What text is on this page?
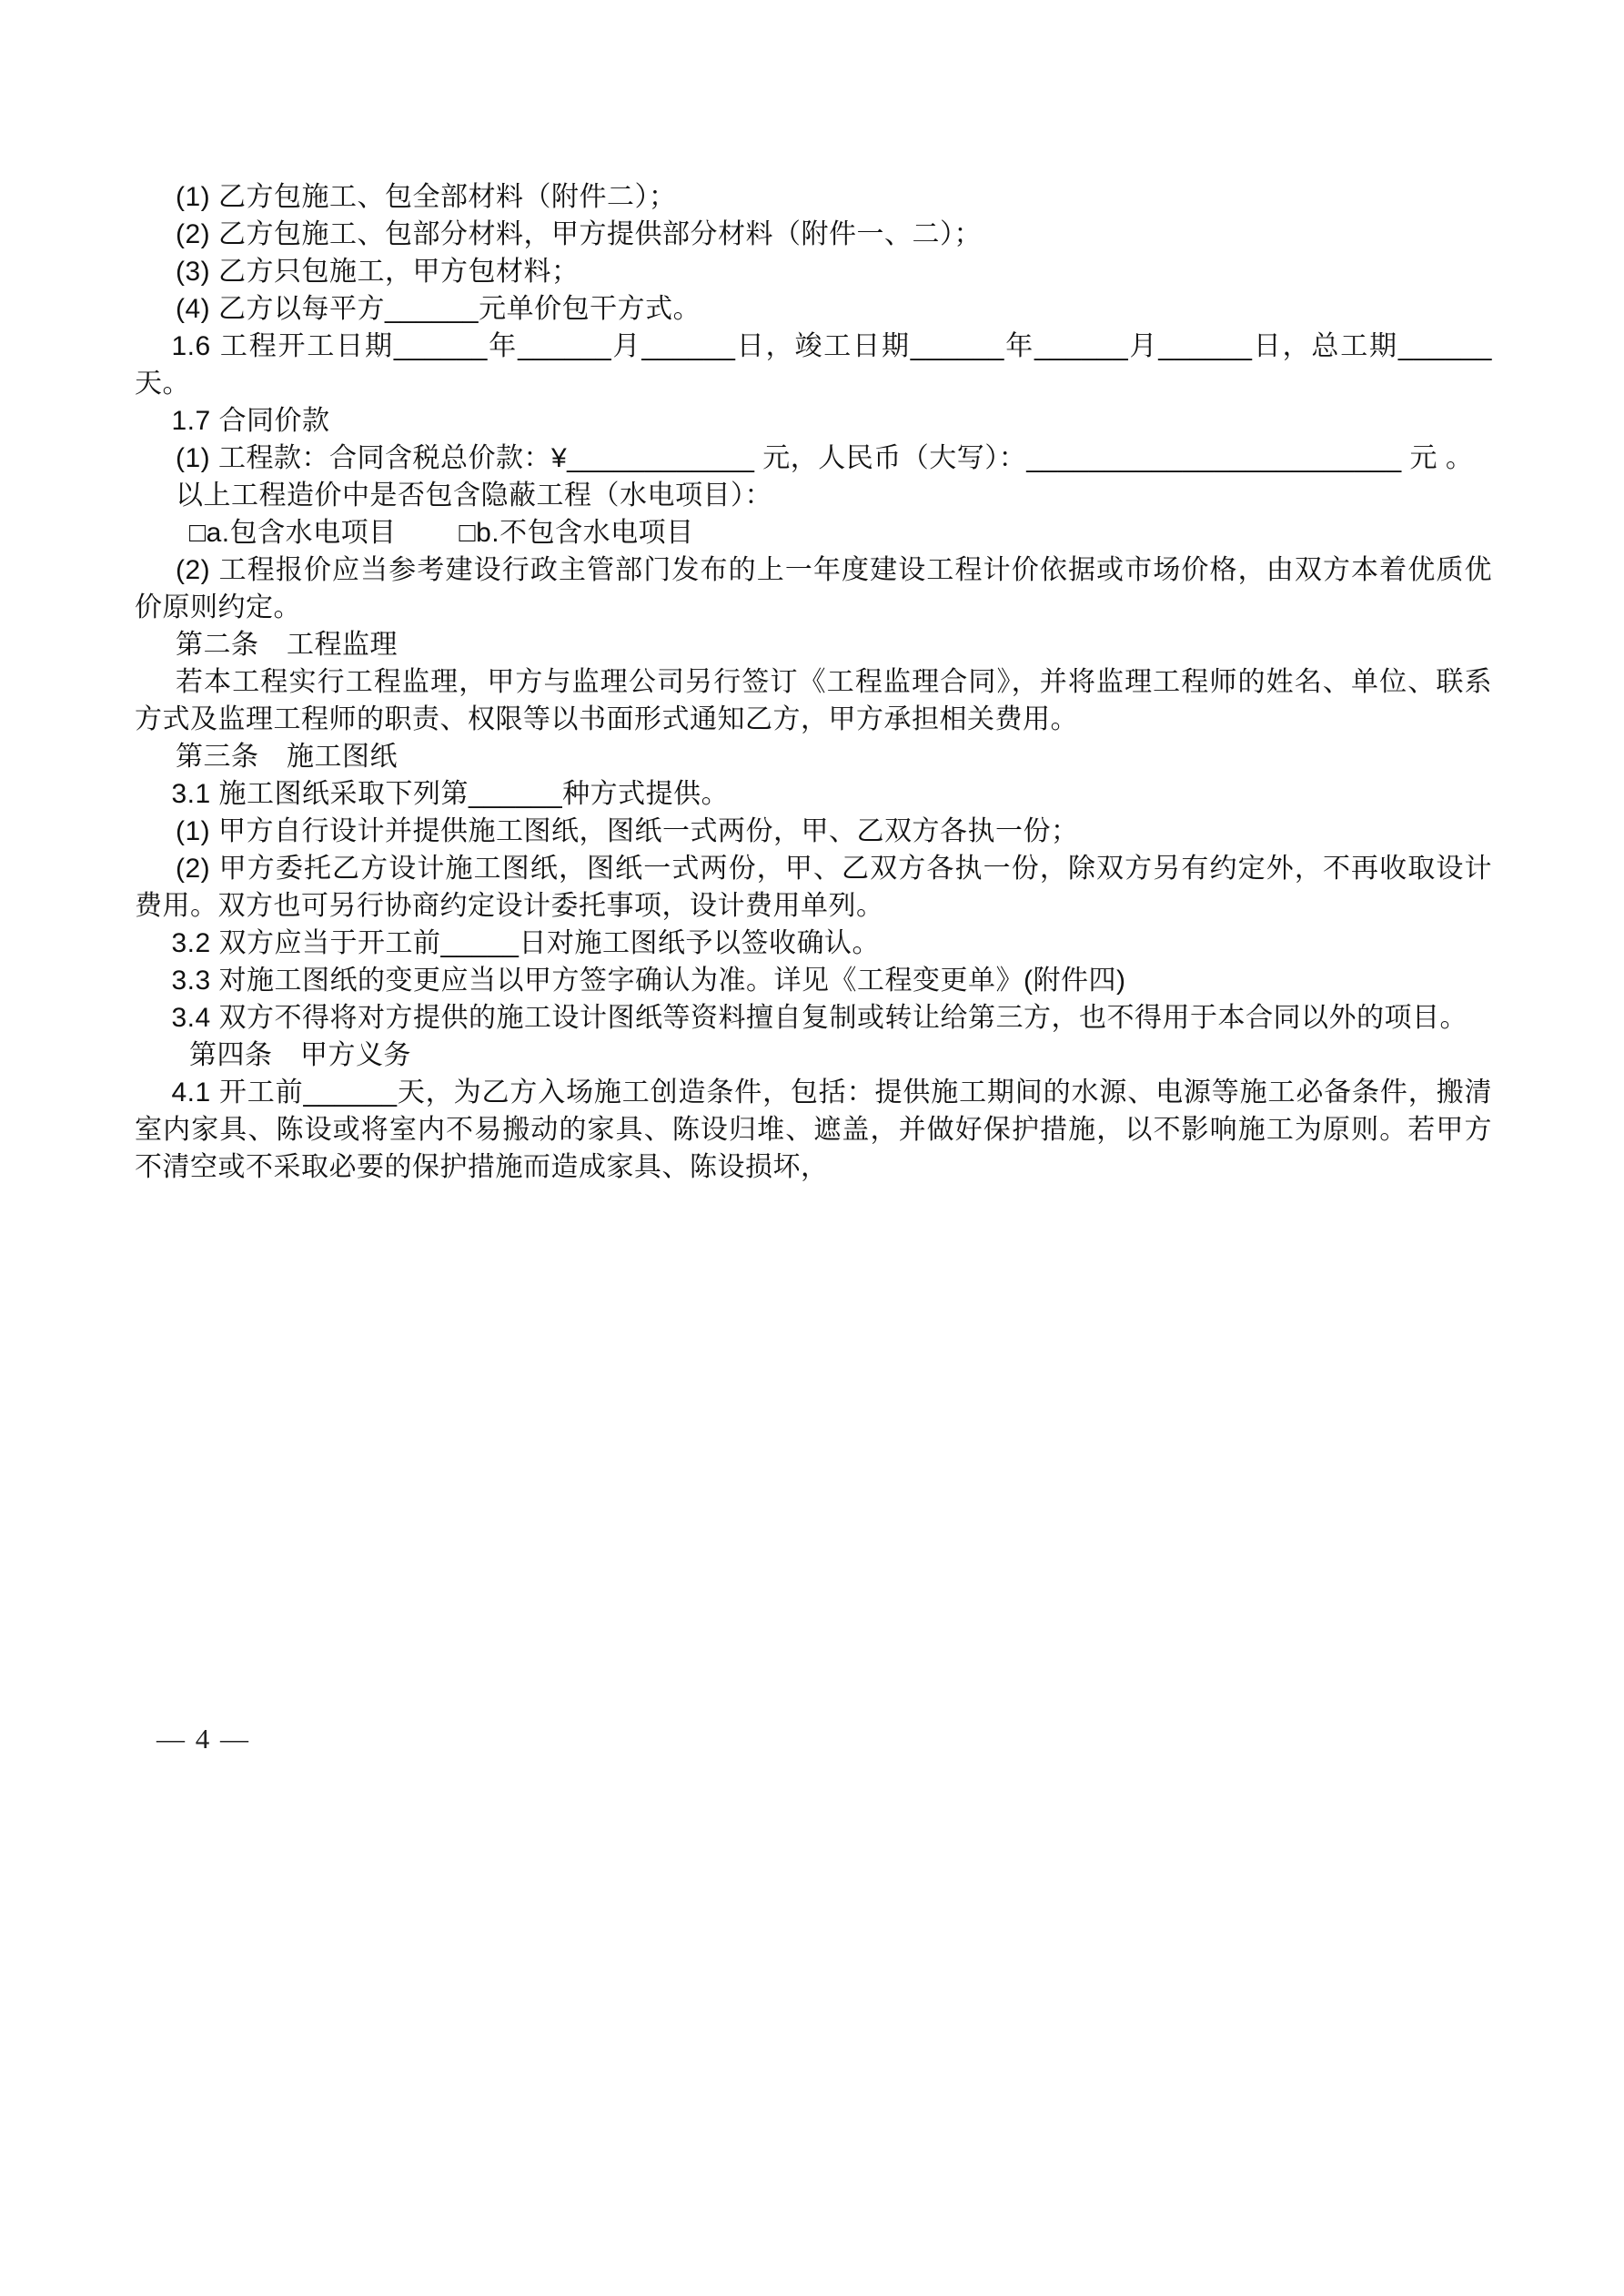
(1) 乙方包施工、包全部材料（附件二）；

(2) 乙方包施工、包部分材料，甲方提供部分材料（附件一、二）；

(3) 乙方只包施工，甲方包材料；

(4) 乙方以每平方______元单价包干方式。

1.6 工程开工日期______年______月______日，竣工日期______年______月______日，总工期______天。

1.7 合同价款

(1) 工程款：合同含税总价款：¥____________ 元，人民币（大写）：________________________ 元 。

以上工程造价中是否包含隐蔽工程（水电项目）：

□a.包含水电项目 □b.不包含水电项目

(2) 工程报价应当参考建设行政主管部门发布的上一年度建设工程计价依据或市场价格，由双方本着优质优价原则约定。

第二条　工程监理

若本工程实行工程监理，甲方与监理公司另行签订《工程监理合同》，并将监理工程师的姓名、单位、联系方式及监理工程师的职责、权限等以书面形式通知乙方，甲方承担相关费用。

第三条　施工图纸

3.1 施工图纸采取下列第______种方式提供。

(1) 甲方自行设计并提供施工图纸，图纸一式两份，甲、乙双方各执一份；

(2) 甲方委托乙方设计施工图纸，图纸一式两份，甲、乙双方各执一份，除双方另有约定外，不再收取设计费用。双方也可另行协商约定设计委托事项，设计费用单列。

3.2 双方应当于开工前_____日对施工图纸予以签收确认。

3.3 对施工图纸的变更应当以甲方签字确认为准。详见《工程变更单》(附件四)

3.4 双方不得将对方提供的施工设计图纸等资料擅自复制或转让给第三方，也不得用于本合同以外的项目。

第四条　甲方义务

4.1 开工前______天，为乙方入场施工创造条件，包括：提供施工期间的水源、电源等施工必备条件，搬清室内家具、陈设或将室内不易搬动的家具、陈设归堆、遮盖，并做好保护措施，以不影响施工为原则。若甲方不清空或不采取必要的保护措施而造成家具、陈设损坏，

— 4 —
